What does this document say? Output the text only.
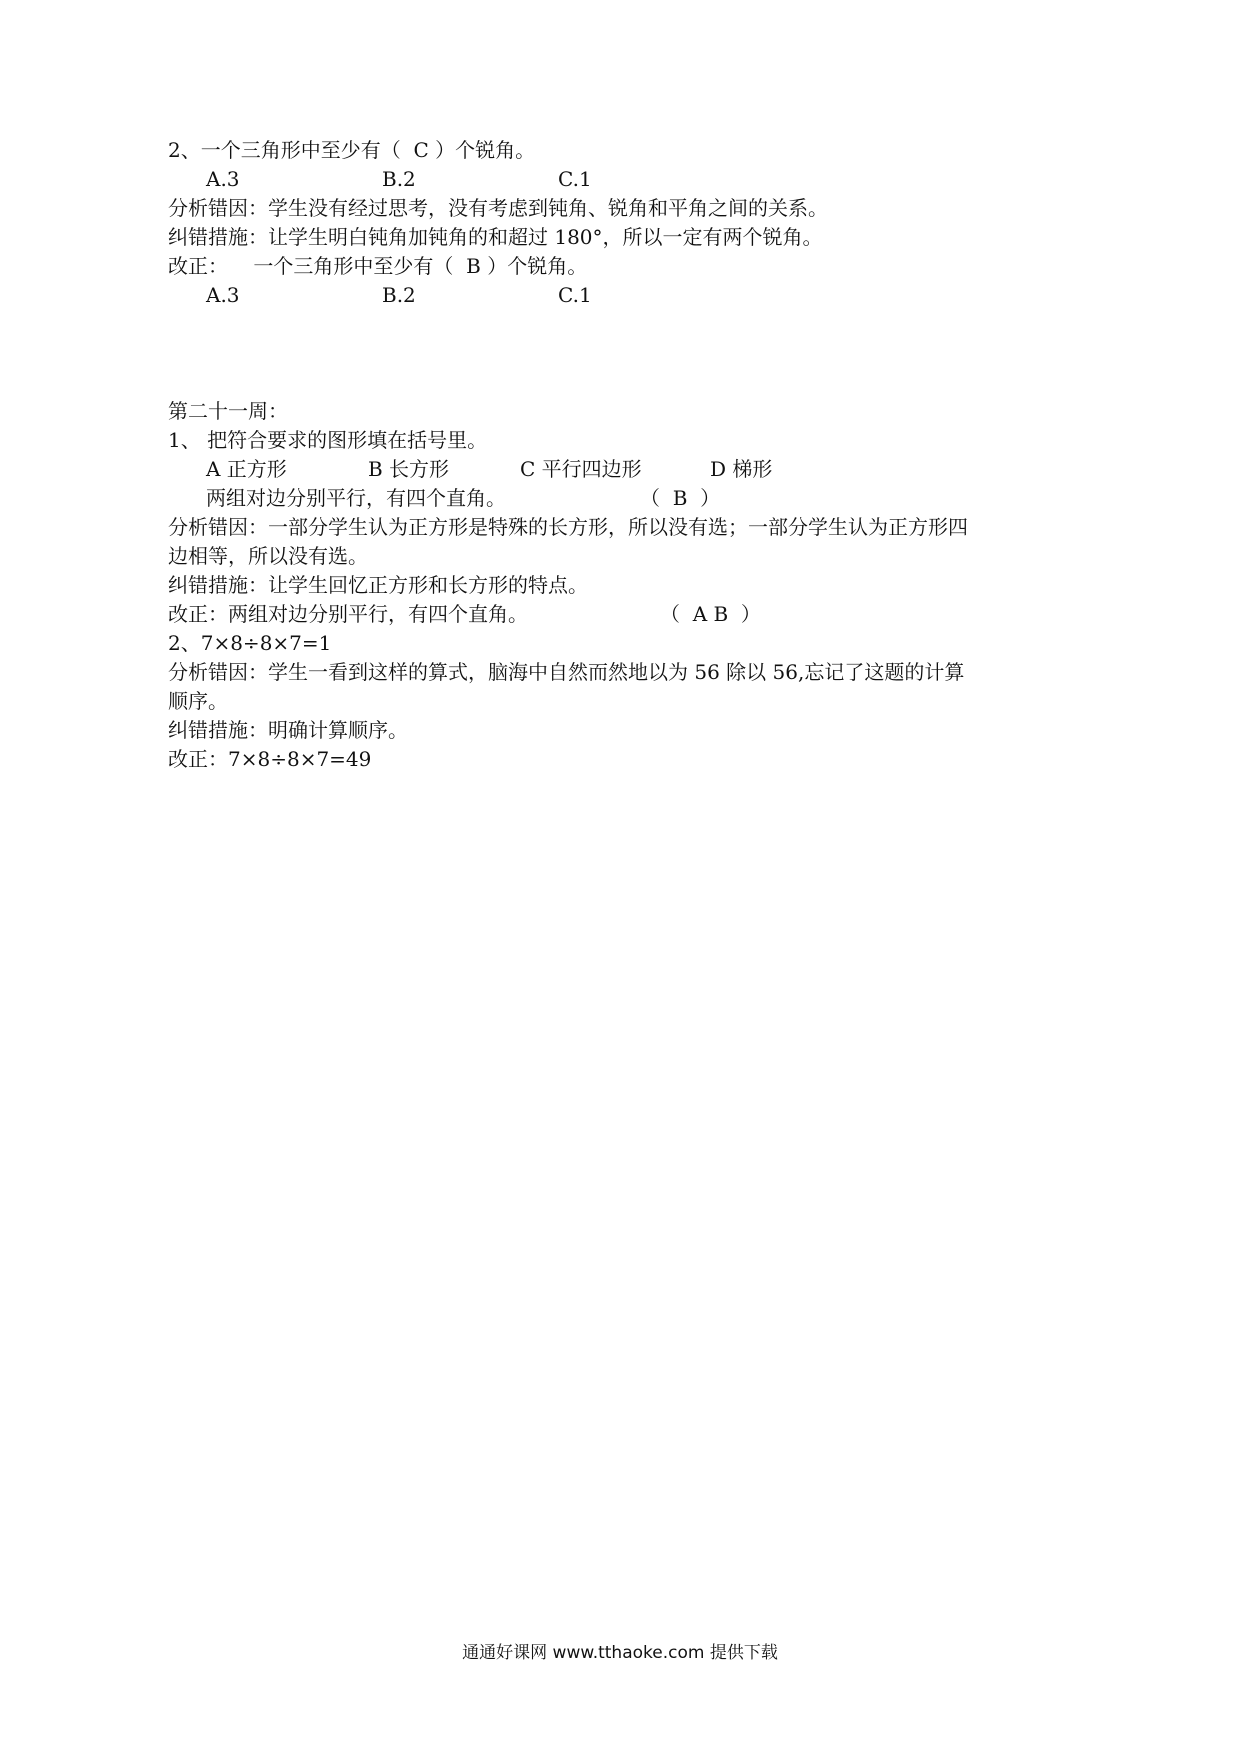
2、一个三角形中至少有（  C ）个锐角。
A.3	B.2	C.1
分析错因：学生没有经过思考，没有考虑到钝角、锐角和平角之间的关系。
纠错措施：让学生明白钝角加钝角的和超过 180°，所以一定有两个锐角。
改正：    一个三角形中至少有（  B ）个锐角。
A.3	B.2	C.1
第二十一周：
1、 把符合要求的图形填在括号里。
A 正方形	B 长方形	C 平行四边形	D 梯形
两组对边分别平行，有四个直角。	（  B  ）
分析错因：一部分学生认为正方形是特殊的长方形，所以没有选；一部分学生认为正方形四
边相等，所以没有选。
纠错措施：让学生回忆正方形和长方形的特点。
改正：两组对边分别平行，有四个直角。	（  A B  ）
2、7×8÷8×7=1
分析错因：学生一看到这样的算式，脑海中自然而然地以为 56 除以 56,忘记了这题的计算
顺序。
纠错措施：明确计算顺序。
改正：7×8÷8×7=49
通通好课网 www.tthaoke.com 提供下载
